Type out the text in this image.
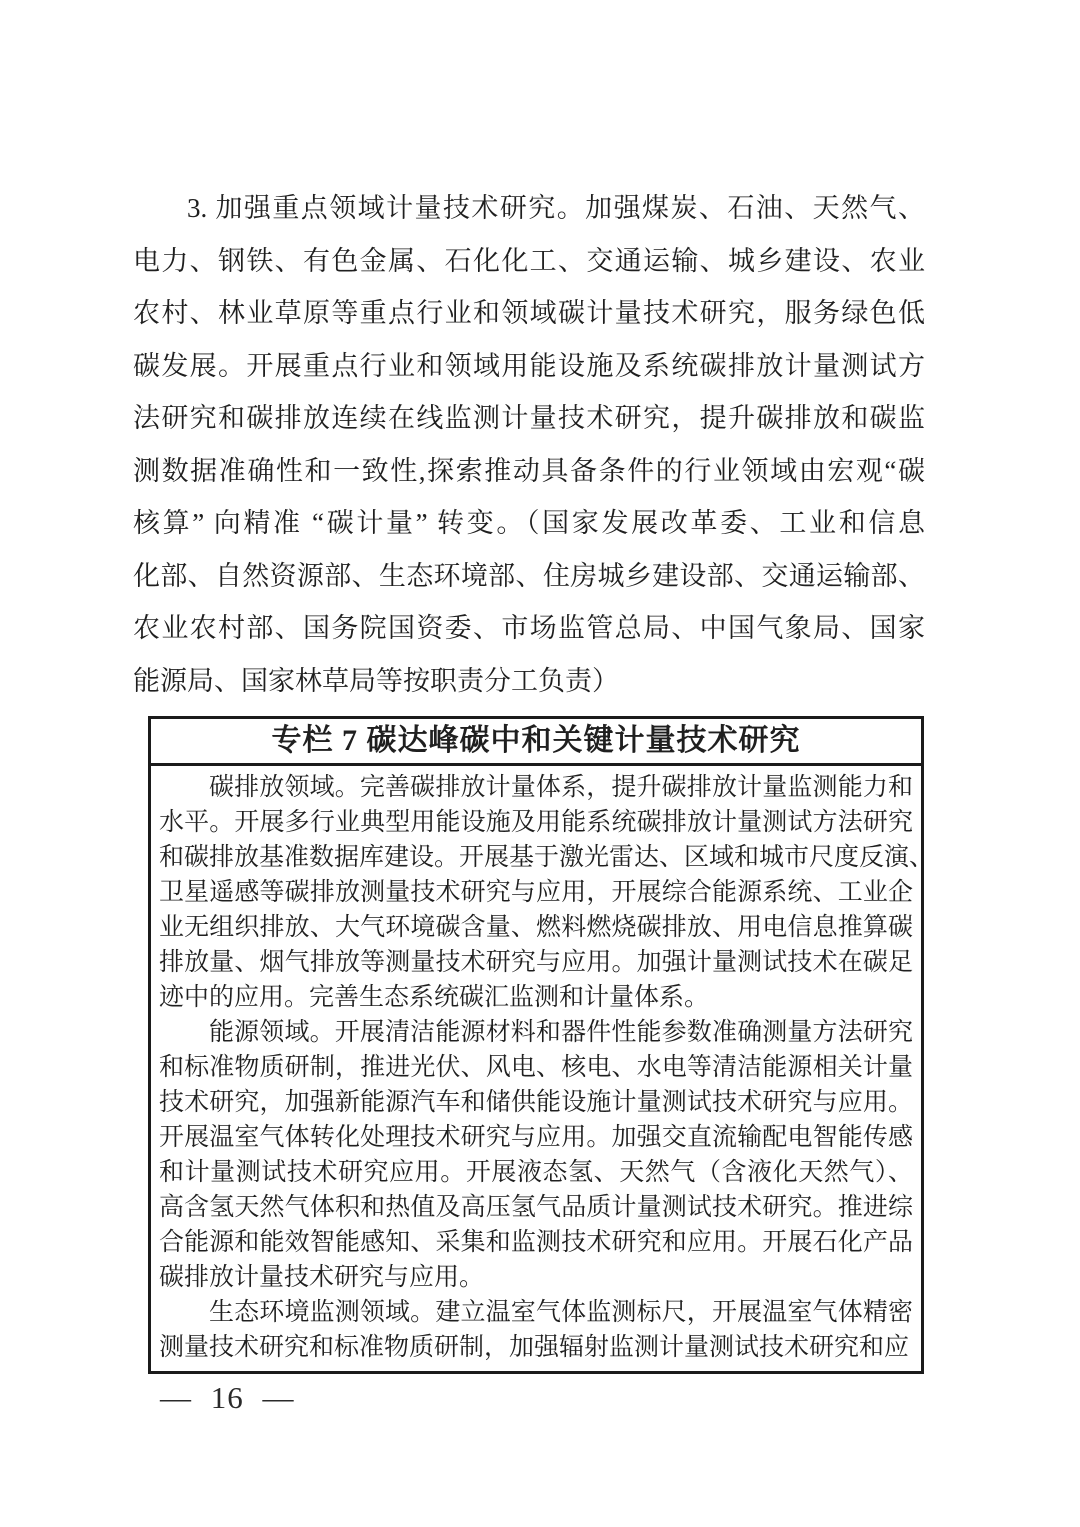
3. 加强重点领域计量技术研究。加强煤炭、石油、天然气、
电力、钢铁、有色金属、石化化工、交通运输、城乡建设、农业
农村、林业草原等重点行业和领域碳计量技术研究，服务绿色低
碳发展。开展重点行业和领域用能设施及系统碳排放计量测试方
法研究和碳排放连续在线监测计量技术研究，提升碳排放和碳监
测数据准确性和一致性,探索推动具备条件的行业领域由宏观“碳
核算” 向精准 “碳计量” 转变。（国家发展改革委、工业和信息
化部、自然资源部、生态环境部、住房城乡建设部、交通运输部、
农业农村部、国务院国资委、市场监管总局、中国气象局、国家
能源局、国家林草局等按职责分工负责）
专栏 7 碳达峰碳中和关键计量技术研究
碳排放领域。完善碳排放计量体系，提升碳排放计量监测能力和
水平。开展多行业典型用能设施及用能系统碳排放计量测试方法研究
和碳排放基准数据库建设。开展基于激光雷达、区域和城市尺度反演、
卫星遥感等碳排放测量技术研究与应用，开展综合能源系统、工业企
业无组织排放、大气环境碳含量、燃料燃烧碳排放、用电信息推算碳
排放量、烟气排放等测量技术研究与应用。加强计量测试技术在碳足
迹中的应用。完善生态系统碳汇监测和计量体系。
能源领域。开展清洁能源材料和器件性能参数准确测量方法研究
和标准物质研制，推进光伏、风电、核电、水电等清洁能源相关计量
技术研究，加强新能源汽车和储供能设施计量测试技术研究与应用。
开展温室气体转化处理技术研究与应用。加强交直流输配电智能传感
和计量测试技术研究应用。开展液态氢、天然气（含液化天然气）、
高含氢天然气体积和热值及高压氢气品质计量测试技术研究。推进综
合能源和能效智能感知、采集和监测技术研究和应用。开展石化产品
碳排放计量技术研究与应用。
生态环境监测领域。建立温室气体监测标尺，开展温室气体精密
测量技术研究和标准物质研制，加强辐射监测计量测试技术研究和应
— 16 —
